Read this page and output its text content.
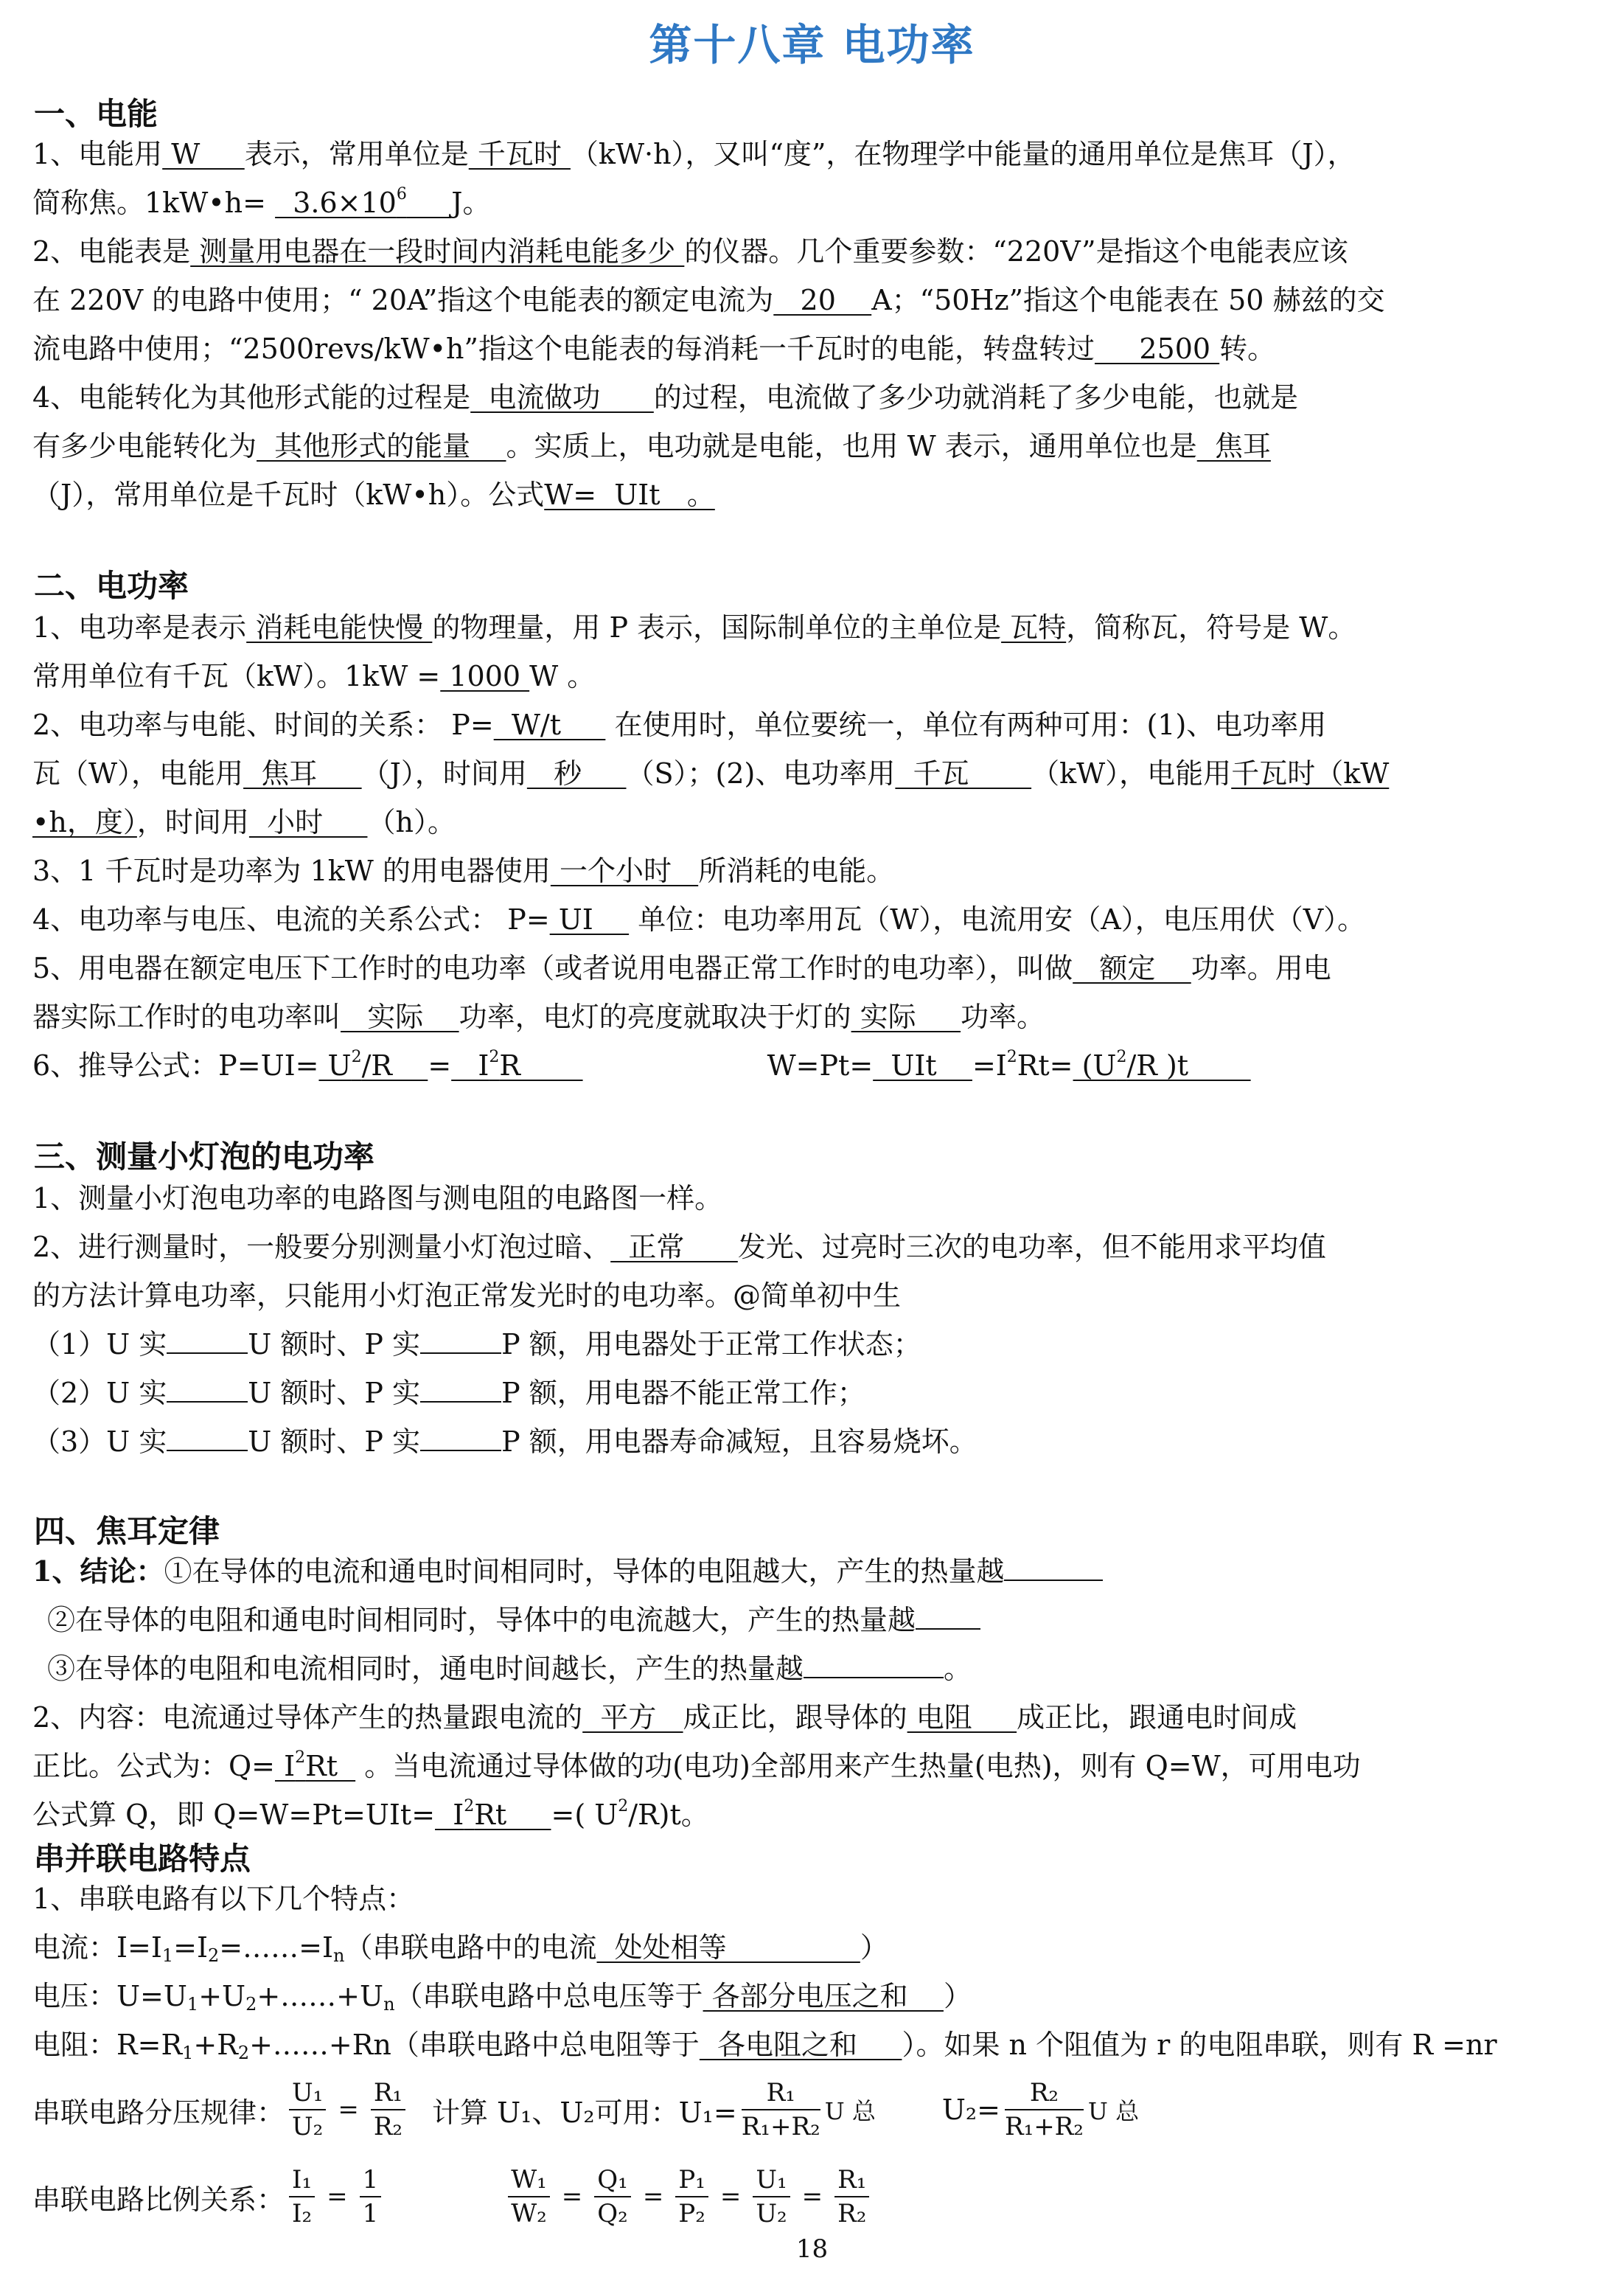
第十八章 电功率
一、电能
1、电能用 W     表示，常用单位是 千瓦时 （kW·h），又叫“度”，在物理学中能量的通用单位是焦耳（J），
简称焦。1kW•h=   $3.6\times 10^6$ J。
2、电能表是 测量用电器在一段时间内消耗电能多少 的仪器。几个重要参数：“220V”是指这个电能表应该
在 220V 的电路中使用；“ 20A”指这个电能表的额定电流为   20    A；“50Hz”指这个电能表在 50 赫兹的交
流电路中使用；“2500revs/kW•h”指这个电能表的每消耗一千瓦时的电能，转盘转过     2500 转。
4、电能转化为其他形式能的过程是  电流做功      的过程，电流做了多少功就消耗了多少电能，也就是
有多少电能转化为  其他形式的能量    。实质上，电功就是电能，也用 W 表示，通用单位也是  焦耳
（J），常用单位是千瓦时（kW•h）。公式W=  UIt   。
二、电功率
1、电功率是表示 消耗电能快慢 的物理量，用 P 表示，国际制单位的主单位是 瓦特，简称瓦，符号是 W。
常用单位有千瓦（kW）。1kW = 1000 W 。
2、电功率与电能、时间的关系： P=  W/t      在使用时，单位要统一，单位有两种可用：(1)、电功率用
瓦（W），电能用  焦耳     （J），时间用   秒     （S）；(2)、电功率用  千瓦       （kW），电能用千瓦时（kW
•h，度），时间用  小时     （h）。
3、1 千瓦时是功率为 1kW 的用电器使用 一个小时   所消耗的电能。
4、电功率与电压、电流的关系公式： P= UI     单位：电功率用瓦（W），电流用安（A），电压用伏（V）。
5、用电器在额定电压下工作时的电功率（或者说用电器正常工作时的电功率），叫做   额定    功率。用电
器实际工作时的电功率叫   实际    功率，电灯的亮度就取决于灯的 实际     功率。
6、推导公式：$P=UI= U^2/R$    =   $I^2R$	W=Pt=  UIt    $=I^2Rt= (U^2/R$ )t
三、测量小灯泡的电功率
1、测量小灯泡电功率的电路图与测电阻的电路图一样。
2、进行测量时，一般要分别测量小灯泡过暗、  正常      发光、过亮时三次的电功率，但不能用求平均值
的方法计算电功率，只能用小灯泡正常发光时的电功率。@简单初中生
（1）U 实	U 额时、P 实	P 额，用电器处于正常工作状态；
（2）U 实	U 额时、P 实	P 额，用电器不能正常工作；
（3）U 实	U 额时、P 实	P 额，用电器寿命减短，且容易烧坏。
四、焦耳定律
1、结论：①在导体的电流和通电时间相同时，导体的电阻越大，产生的热量越
②在导体的电阻和通电时间相同时，导体中的电流越大，产生的热量越
③在导体的电阻和电流相同时，通电时间越长，产生的热量越	。
2、内容：电流通过导体产生的热量跟电流的  平方   成正比，跟导体的 电阻     成正比，跟通电时间成
正比。公式为：$Q= I^2Rt$   。当电流通过导体做的功(电功)全部用来产生热量(电热)，则有 Q=W，可用电功
公式算 Q，即 $Q=W=Pt=UIt= I^2Rt$     =( $U^2/R)t$。
串并联电路特点
1、串联电路有以下几个特点：
电流：$I=I_1=I_2=\dots\dots=I_n$（串联电路中的电流  处处相等               ）
电压：$U=U_1+U_2+\dots\dots+U_n$（串联电路中总电压等于 各部分电压之和    ）
电阻：$R=R_1+R_2+\dots\dots+Rn$（串联电路中总电阻等于  各电阻之和     ）。如果 n 个阻值为 r 的电阻串联，则有 R =nr
串联电路分压规律： $\frac{\text{U₁}}{\text{U₂}} = \frac{\text{R₁}}{\text{R₂}}$ 计算 U₁、U₂可用：$U_1= \frac{\text{R₁}}{\text{R₁+R₂}}$ U 总 $U_2= \frac{\text{R₂}}{\text{R₁+R₂}}$ U 总
串联电路比例关系： $\frac{\text{I₁}}{\text{I₂}} = \frac{1}{1}$	$\frac{\text{W₁}}{\text{W₂}} = \frac{\text{Q₁}}{\text{Q₂}} = \frac{\text{P₁}}{\text{P₂}} = \frac{\text{U₁}}{\text{U₂}} = \frac{\text{R₁}}{\text{R₂}}$
18
